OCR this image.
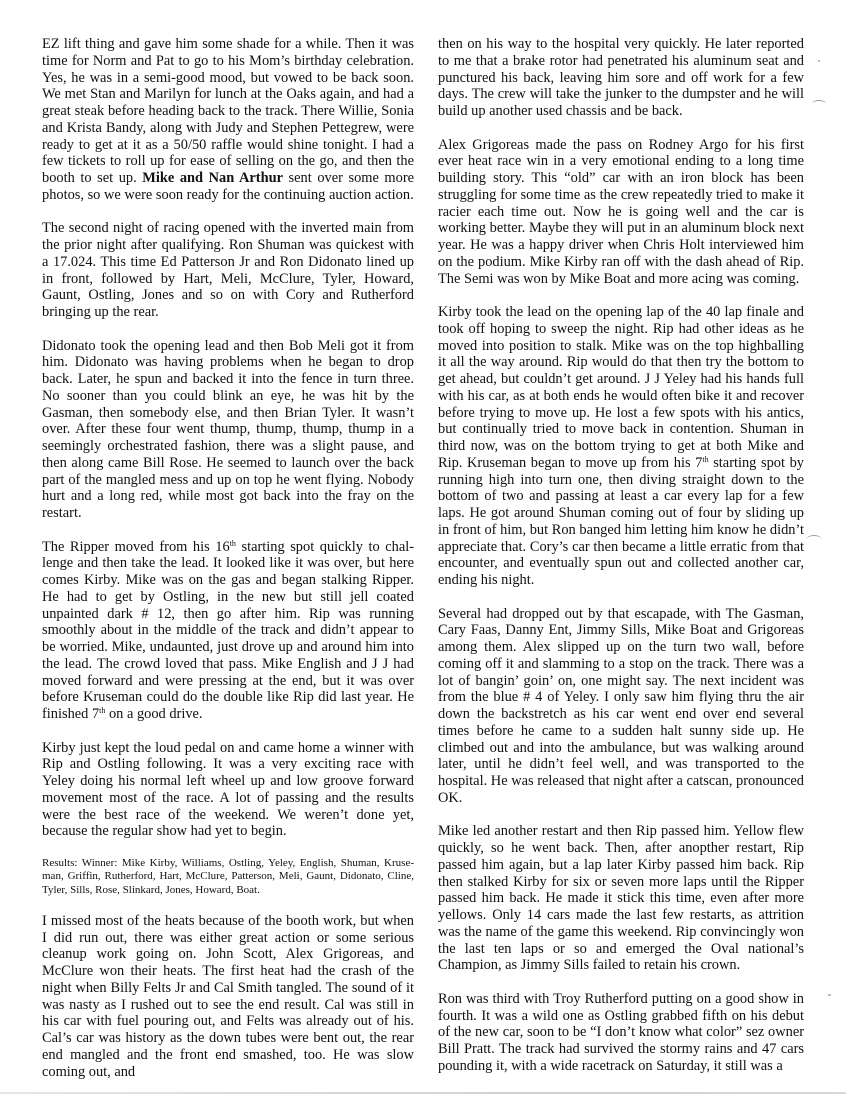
EZ lift thing and gave him some shade for a while. Then it was time for Norm and Pat to go to his Mom’s birthday celebration. Yes, he was in a semi-good mood, but vowed to be back soon. We met Stan and Marilyn for lunch at the Oaks again, and had a great steak before heading back to the track. There Willie, Sonia and Krista Bandy, along with Judy and Stephen Pettegrew, were ready to get at it as a 50/50 raffle would shine tonight. I had a few tickets to roll up for ease of selling on the go, and then the booth to set up. Mike and Nan Arthur sent over some more photos, so we were soon ready for the continuing auction action.

The second night of racing opened with the inverted main from the prior night after qualifying. Ron Shuman was quickest with a 17.024. This time Ed Patterson Jr and Ron Didonato lined up in front, followed by Hart, Meli, McClure, Tyler, Howard, Gaunt, Ostling, Jones and so on with Cory and Rutherford bringing up the rear.

Didonato took the opening lead and then Bob Meli got it from him. Didonato was having problems when he began to drop back. Later, he spun and backed it into the fence in turn three. No sooner than you could blink an eye, he was hit by the Gasman, then somebody else, and then Brian Tyler. It wasn’t over. After these four went thump, thump, thump, thump in a seemingly orchestrated fashion, there was a slight pause, and then along came Bill Rose. He seemed to launch over the back part of the mangled mess and up on top he went flying. Nobody hurt and a long red, while most got back into the fray on the restart.

The Ripper moved from his 16th starting spot quickly to challenge and then take the lead. It looked like it was over, but here comes Kirby. Mike was on the gas and began stalking Ripper. He had to get by Ostling, in the new but still jell coated unpainted dark # 12, then go after him. Rip was running smoothly about in the middle of the track and didn’t appear to be worried. Mike, undaunted, just drove up and around him into the lead. The crowd loved that pass. Mike English and J J had moved forward and were pressing at the end, but it was over before Kruseman could do the double like Rip did last year. He finished 7th on a good drive.

Kirby just kept the loud pedal on and came home a winner with Rip and Ostling following. It was a very exciting race with Yeley doing his normal left wheel up and low groove forward movement most of the race. A lot of passing and the results were the best race of the weekend. We weren’t done yet, because the regular show had yet to begin.

Results: Winner: Mike Kirby, Williams, Ostling, Yeley, English, Shuman, Kruseman, Griffin, Rutherford, Hart, McClure, Patterson, Meli, Gaunt, Didonato, Cline, Tyler, Sills, Rose, Slinkard, Jones, Howard, Boat.

I missed most of the heats because of the booth work, but when I did run out, there was either great action or some serious cleanup work going on. John Scott, Alex Grigoreas, and McClure won their heats. The first heat had the crash of the night when Billy Felts Jr and Cal Smith tangled. The sound of it was nasty as I rushed out to see the end result. Cal was still in his car with fuel pouring out, and Felts was already out of his. Cal’s car was history as the down tubes were bent out, the rear end mangled and the front end smashed, too. He was slow coming out, and

then on his way to the hospital very quickly. He later reported to me that a brake rotor had penetrated his aluminum seat and punctured his back, leaving him sore and off work for a few days. The crew will take the junker to the dumpster and he will build up another used chassis and be back.

Alex Grigoreas made the pass on Rodney Argo for his first ever heat race win in a very emotional ending to a long time building story. This “old” car with an iron block has been struggling for some time as the crew repeatedly tried to make it racier each time out. Now he is going well and the car is working better. Maybe they will put in an aluminum block next year. He was a happy driver when Chris Holt interviewed him on the podium. Mike Kirby ran off with the dash ahead of Rip. The Semi was won by Mike Boat and more acing was coming.

Kirby took the lead on the opening lap of the 40 lap finale and took off hoping to sweep the night. Rip had other ideas as he moved into position to stalk. Mike was on the top highballing it all the way around. Rip would do that then try the bottom to get ahead, but couldn’t get around. J J Yeley had his hands full with his car, as at both ends he would often bike it and recover before trying to move up. He lost a few spots with his antics, but continually tried to move back in contention. Shuman in third now, was on the bottom trying to get at both Mike and Rip. Kruseman began to move up from his 7th starting spot by running high into turn one, then diving straight down to the bottom of two and passing at least a car every lap for a few laps. He got around Shuman coming out of four by sliding up in front of him, but Ron banged him letting him know he didn’t appreciate that. Cory’s car then became a little erratic from that encounter, and eventually spun out and collected another car, ending his night.

Several had dropped out by that escapade, with The Gasman, Cary Faas, Danny Ent, Jimmy Sills, Mike Boat and Grigoreas among them. Alex slipped up on the turn two wall, before coming off it and slamming to a stop on the track. There was a lot of bangin’ goin’ on, one might say. The next incident was from the blue # 4 of Yeley. I only saw him flying thru the air down the backstretch as his car went end over end several times before he came to a sudden halt sunny side up. He climbed out and into the ambulance, but was walking around later, until he didn’t feel well, and was transported to the hospital. He was released that night after a catscan, pronounced OK.

Mike led another restart and then Rip passed him. Yellow flew quickly, so he went back. Then, after anopther restart, Rip passed him again, but a lap later Kirby passed him back. Rip then stalked Kirby for six or seven more laps until the Ripper passed him back. He made it stick this time, even after more yellows. Only 14 cars made the last few restarts, as attrition was the name of the game this weekend. Rip convincingly won the last ten laps or so and emerged the Oval national’s Champion, as Jimmy Sills failed to retain his crown.

Ron was third with Troy Rutherford putting on a good show in fourth. It was a wild one as Ostling grabbed fifth on his debut of the new car, soon to be “I don’t know what color” sez owner Bill Pratt. The track had survived the stormy rains and 47 cars pounding it, with a wide racetrack on Saturday, it still was a
